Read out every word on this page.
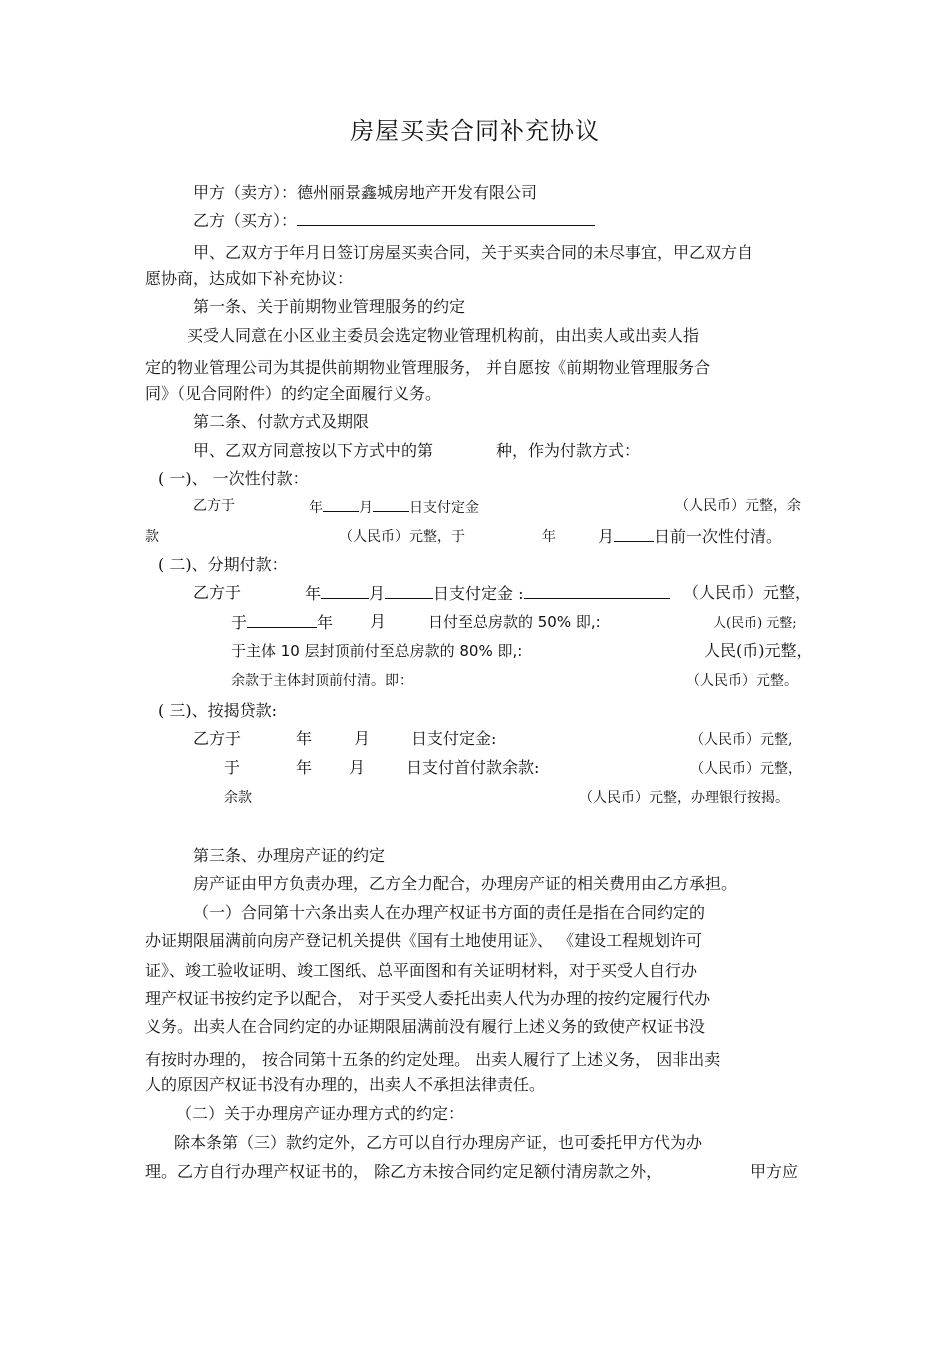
房屋买卖合同补充协议
甲方（卖方）：德州丽景鑫城房地产开发有限公司
乙方（买方）：
甲、乙双方于年月日签订房屋买卖合同，关于买卖合同的未尽事宜，甲乙双方自
愿协商，达成如下补充协议：
第一条、关于前期物业管理服务的约定
买受人同意在小区业主委员会选定物业管理机构前，由出卖人或出卖人指
定的物业管理公司为其提供前期物业管理服务， 并自愿按《前期物业管理服务合
同》（见合同附件）的约定全面履行义务。
第二条、付款方式及期限
甲、乙双方同意按以下方式中的第	种，作为付款方式：
( 一)、 一次性付款：
乙方于	年	月	日支付定金	（人民币）元整，余
款	（人民币）元整，于	年	月	日前一次性付清。
( 二)、分期付款：
乙方于	年	月	日支付定金 :	（人民币）元整，
于	年 月	日付至总房款的 50% 即,:	人(民币) 元整;
于主体 10 层封顶前付至总房款的 80% 即,:	人民(币)元整，
余款于主体封顶前付清。即：	（人民币）元整。
( 三)、按揭贷款:
乙方于	年	月	日支付定金:	（人民币）元整,
于	年 月	日支付首付款余款:	（人民币）元整，
余款	（人民币）元整，办理银行按揭。
第三条、办理房产证的约定
房产证由甲方负责办理，乙方全力配合，办理房产证的相关费用由乙方承担。
（一）合同第十六条出卖人在办理产权证书方面的责任是指在合同约定的
办证期限届满前向房产登记机关提供《国有土地使用证》、 《建设工程规划许可
证》、竣工验收证明、竣工图纸、总平面图和有关证明材料，对于买受人自行办
理产权证书按约定予以配合， 对于买受人委托出卖人代为办理的按约定履行代办
义务。出卖人在合同约定的办证期限届满前没有履行上述义务的致使产权证书没
有按时办理的， 按合同第十五条的约定处理。 出卖人履行了上述义务， 因非出卖
人的原因产权证书没有办理的，出卖人不承担法律责任。
（二）关于办理房产证办理方式的约定：
除本条第（三）款约定外，乙方可以自行办理房产证，也可委托甲方代为办
理。乙方自行办理产权证书的， 除乙方未按合同约定足额付清房款之外，	甲方应
